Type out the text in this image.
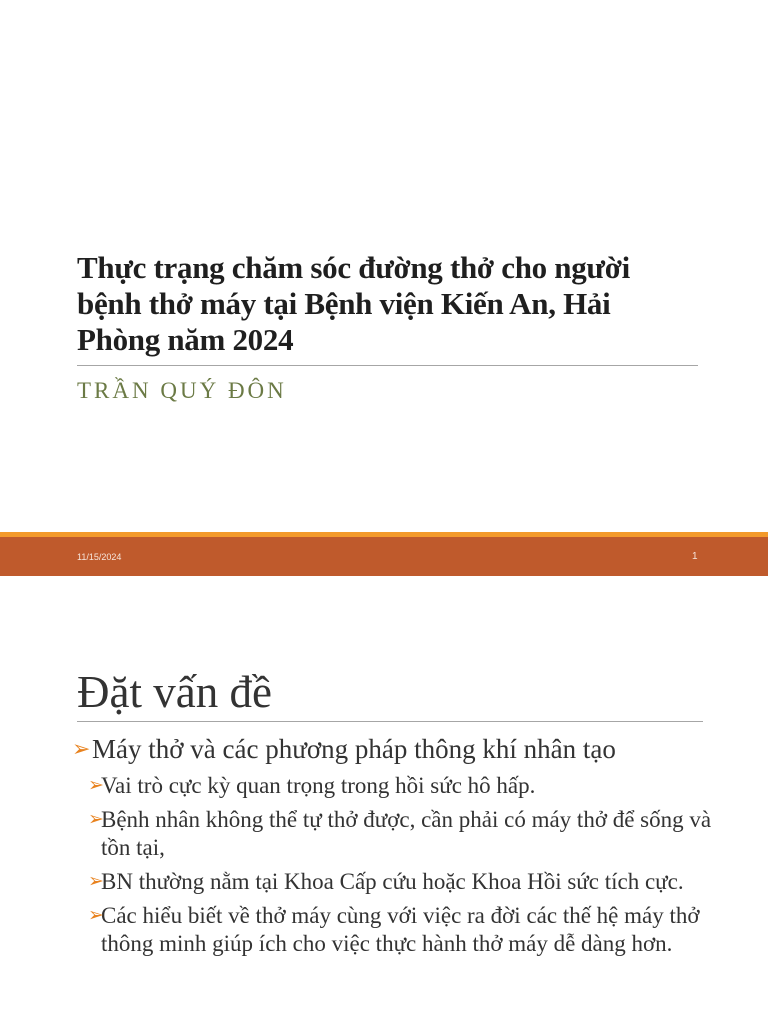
Thực trạng chăm sóc đường thở cho người bệnh thở máy tại Bệnh viện Kiến An, Hải Phòng năm 2024

TRẦN QUÝ ĐÔN

11/15/2024	1
Đặt vấn đề
➢ Máy thở và các phương pháp thông khí nhân tạo
➢
Vai trò cực kỳ quan trọng trong hồi sức hô hấp.
➢
Bệnh nhân không thể tự thở được, cần phải có máy thở để sống và tồn tại,
➢
BN thường nằm tại Khoa Cấp cứu hoặc Khoa Hồi sức tích cực.
➢
Các hiểu biết về thở máy cùng với việc ra đời các thế hệ máy thở thông minh giúp ích cho việc thực hành thở máy dễ dàng hơn.
